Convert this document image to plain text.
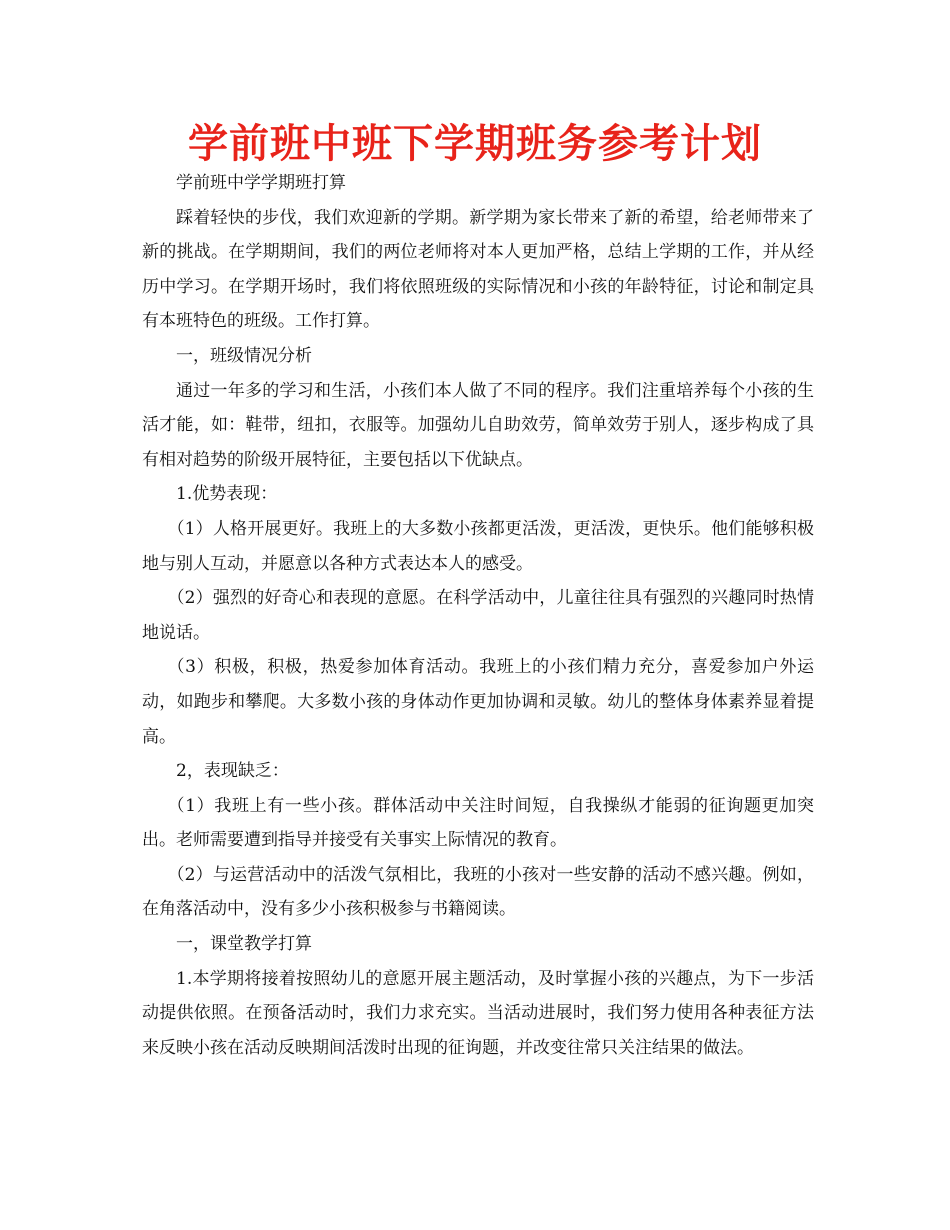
学前班中班下学期班务参考计划

学前班中学学期班打算

踩着轻快的步伐，我们欢迎新的学期。新学期为家长带来了新的希望，给老师带来了新的挑战。在学期期间，我们的两位老师将对本人更加严格，总结上学期的工作，并从经历中学习。在学期开场时，我们将依照班级的实际情况和小孩的年龄特征，讨论和制定具有本班特色的班级。工作打算。

一，班级情况分析

通过一年多的学习和生活，小孩们本人做了不同的程序。我们注重培养每个小孩的生活才能，如：鞋带，纽扣，衣服等。加强幼儿自助效劳，简单效劳于别人，逐步构成了具有相对趋势的阶级开展特征，主要包括以下优缺点。

1.优势表现：

（1）人格开展更好。我班上的大多数小孩都更活泼，更活泼，更快乐。他们能够积极地与别人互动，并愿意以各种方式表达本人的感受。

（2）强烈的好奇心和表现的意愿。在科学活动中，儿童往往具有强烈的兴趣同时热情地说话。

（3）积极，积极，热爱参加体育活动。我班上的小孩们精力充分，喜爱参加户外运动，如跑步和攀爬。大多数小孩的身体动作更加协调和灵敏。幼儿的整体身体素养显着提高。

2，表现缺乏：

（1）我班上有一些小孩。群体活动中关注时间短，自我操纵才能弱的征询题更加突出。老师需要遭到指导并接受有关事实上际情况的教育。

（2）与运营活动中的活泼气氛相比，我班的小孩对一些安静的活动不感兴趣。例如，在角落活动中，没有多少小孩积极参与书籍阅读。

一，课堂教学打算

1.本学期将接着按照幼儿的意愿开展主题活动，及时掌握小孩的兴趣点，为下一步活动提供依照。在预备活动时，我们力求充实。当活动进展时，我们努力使用各种表征方法来反映小孩在活动反映期间活泼时出现的征询题，并改变往常只关注结果的做法。
